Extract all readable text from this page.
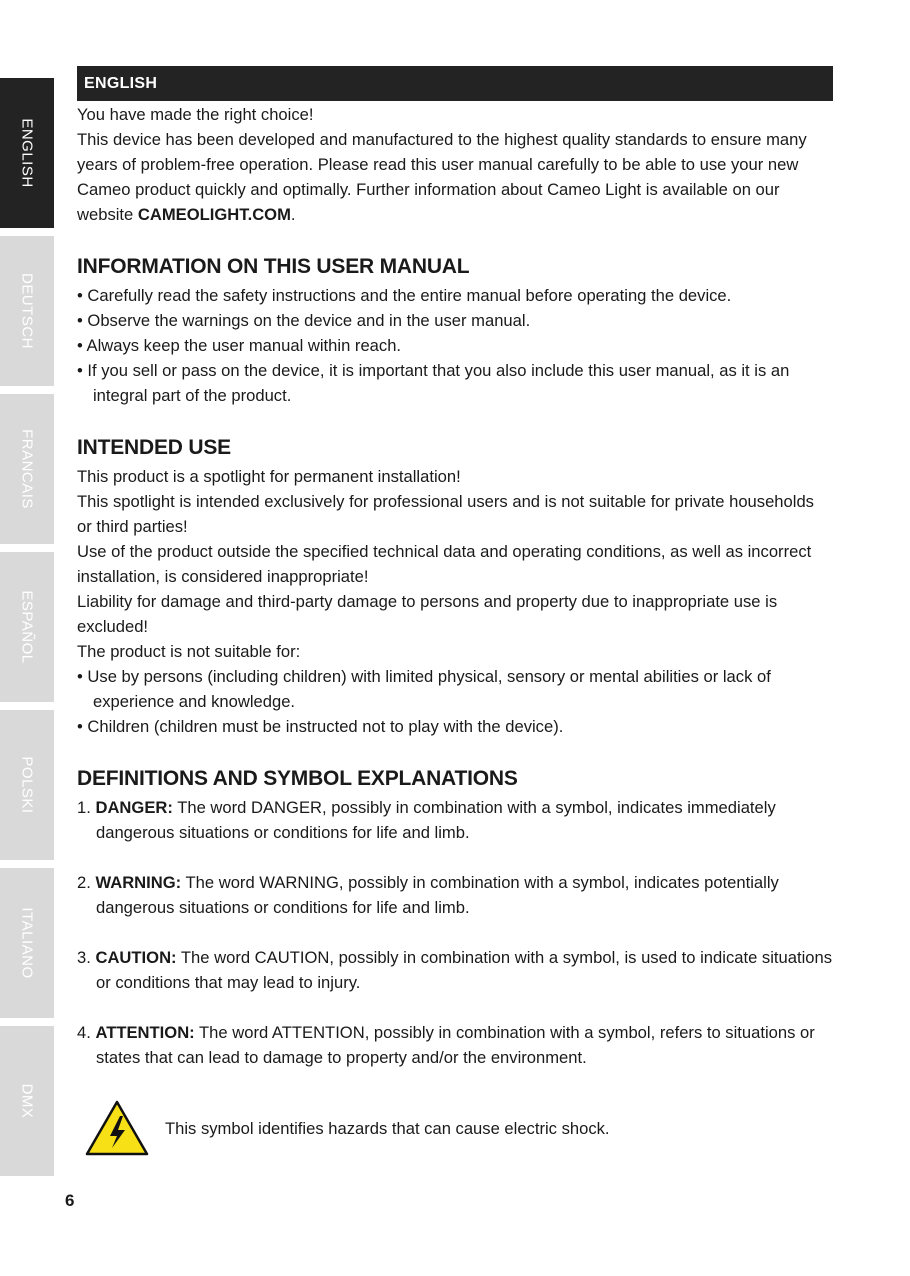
ENGLISH
DEUTSCH
FRANCAIS
ESPAÑOL
POLSKI
ITALIANO
DMX
ENGLISH

You have made the right choice!

This device has been developed and manufactured to the highest quality standards to ensure many years of problem-free operation. Please read this user manual carefully to be able to use your new Cameo product quickly and optimally. Further information about Cameo Light is available on our website CAMEOLIGHT.COM.

INFORMATION ON THIS USER MANUAL
• Carefully read the safety instructions and the entire manual before operating the device.
• Observe the warnings on the device and in the user manual.
• Always keep the user manual within reach.
• If you sell or pass on the device, it is important that you also include this user manual, as it is an integral part of the product.
INTENDED USE

This product is a spotlight for permanent installation!

This spotlight is intended exclusively for professional users and is not suitable for private households or third parties!

Use of the product outside the specified technical data and operating conditions, as well as incorrect installation, is considered inappropriate!

Liability for damage and third-party damage to persons and property due to inappropriate use is excluded!

The product is not suitable for:

• Use by persons (including children) with limited physical, sensory or mental abilities or lack of experience and knowledge.
• Children (children must be instructed not to play with the device).
DEFINITIONS AND SYMBOL EXPLANATIONS
1. DANGER: The word DANGER, possibly in combination with a symbol, indicates immediately dangerous situations or conditions for life and limb.
2. WARNING: The word WARNING, possibly in combination with a symbol, indicates potentially dangerous situations or conditions for life and limb.
3. CAUTION: The word CAUTION, possibly in combination with a symbol, is used to indicate situations or conditions that may lead to injury.
4. ATTENTION: The word ATTENTION, possibly in combination with a symbol, refers to situations or states that can lead to damage to property and/or the environment.

This symbol identifies hazards that can cause electric shock.

6
